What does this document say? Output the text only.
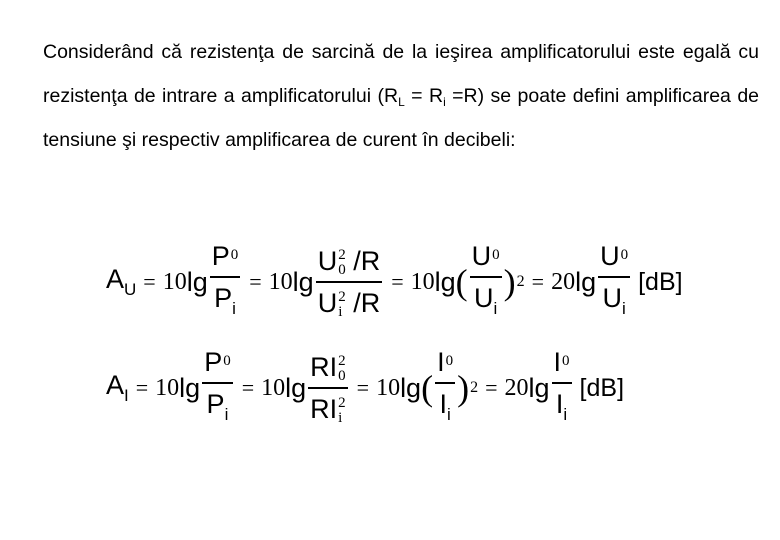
Considerând că rezistenţa de sarcină de la ieşirea amplificatorului este egală cu rezistenţa de intrare a amplificatorului $(R_L = R_i =R)$ se poate defini amplificarea de tensiune şi respectiv amplificarea de curent în decibeli:

$A_U = 10$ $\lg \frac{P^0}{P_i} = 10$ lg U 2
0 /R
U 2
i /R = 10 lg ( $\frac{U^0}{U_i}$ ) 2 = 20 $\lg \frac{U^0}{U_i} [dB]$
$A_I = 10$ $\lg \frac{P^0}{P_i} = 10$ lg RI 2
0
RI 2
i = 10 lg ( $\frac{I^0}{I_i}$ ) 2 = 20 $\lg \frac{I^0}{I_i} [dB]$
